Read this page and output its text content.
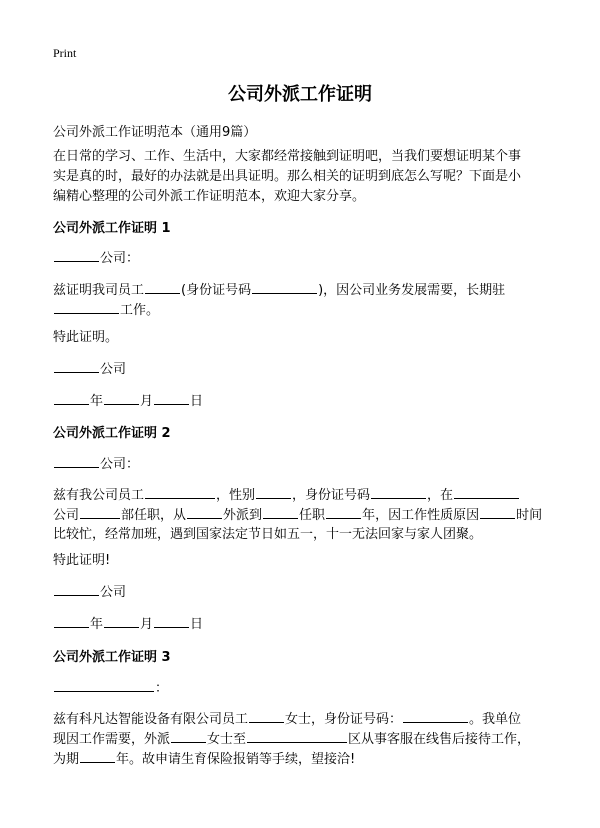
Print
公司外派工作证明

公司外派工作证明范本（通用9篇）

在日常的学习、工作、生活中，大家都经常接触到证明吧，当我们要想证明某个事
实是真的时，最好的办法就是出具证明。那么相关的证明到底怎么写呢？下面是小
编精心整理的公司外派工作证明范本，欢迎大家分享。
公司外派工作证明 1
公司：
兹证明我司员工	(身份证号码	)，因公司业务发展需要，长期驻
工作。
特此证明。
公司
年	月	日
公司外派工作证明 2
公司：
兹有我公司员工	，性别	，身份证号码	，在
公司	部任职，从	外派到	任职	年，因工作性质原因	时间
比较忙，经常加班，遇到国家法定节日如五一，十一无法回家与家人团聚。
特此证明!
公司
年	月	日
公司外派工作证明 3
：
兹有科凡达智能设备有限公司员工	女士，身份证号码：	。我单位
现因工作需要，外派	女士至	区从事客服在线售后接待工作，
为期	年。故申请生育保险报销等手续，望接洽!
